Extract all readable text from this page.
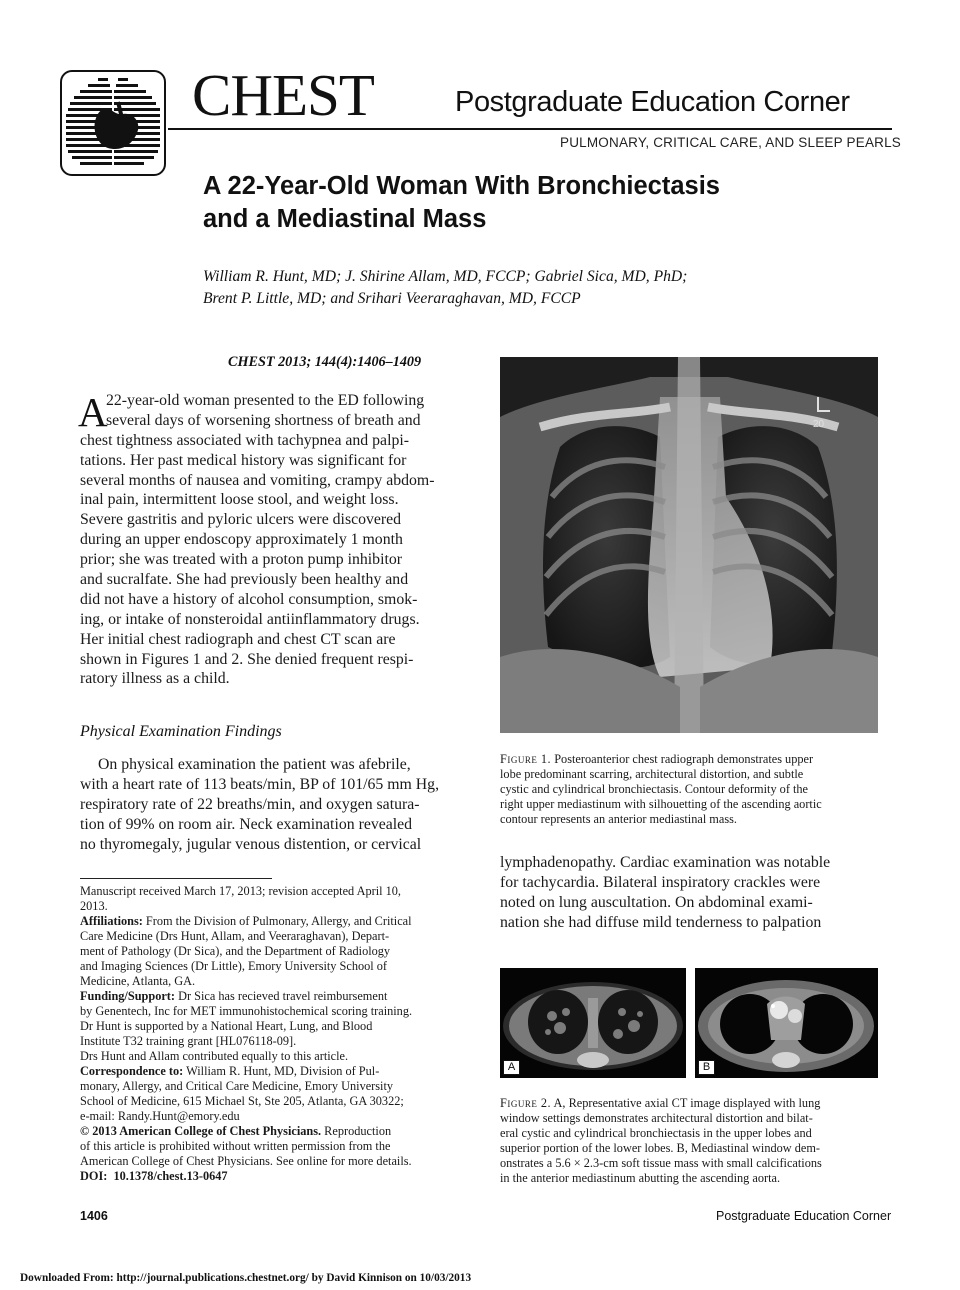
CHEST	Postgraduate Education Corner
PULMONARY, CRITICAL CARE, AND SLEEP PEARLS
A 22-Year-Old Woman With Bronchiectasis
and a Mediastinal Mass
William R. Hunt, MD; J. Shirine Allam, MD, FCCP; Gabriel Sica, MD, PhD;
Brent P. Little, MD; and Srihari Veeraraghavan, MD, FCCP
CHEST 2013; 144(4):1406–1409
A
22-year-old woman presented to the ED following
several days of worsening shortness of breath and
chest tightness associated with tachypnea and palpi-
tations. Her past medical history was significant for
several months of nausea and vomiting, crampy abdom-
inal pain, intermittent loose stool, and weight loss.
Severe gastritis and pyloric ulcers were discovered
during an upper endoscopy approximately 1 month
prior; she was treated with a proton pump inhibitor
and sucralfate. She had previously been healthy and
did not have a history of alcohol consumption, smok-
ing, or intake of nonsteroidal antiinflammatory drugs.
Her initial chest radiograph and chest CT scan are
shown in Figures 1 and 2. She denied frequent respi-
ratory illness as a child.
Physical Examination Findings
On physical examination the patient was afebrile,
with a heart rate of 113 beats/min, BP of 101/65 mm Hg,
respiratory rate of 22 breaths/min, and oxygen satura-
tion of 99% on room air. Neck examination revealed
no thyromegaly, jugular venous distention, or cervical
Manuscript received March 17, 2013; revision accepted April 10,
2013.
Affiliations: From the Division of Pulmonary, Allergy, and Critical
Care Medicine (Drs Hunt, Allam, and Veeraraghavan), Depart-
ment of Pathology (Dr Sica), and the Department of Radiology
and Imaging Sciences (Dr Little), Emory University School of
Medicine, Atlanta, GA.
Funding/Support: Dr Sica has recieved travel reimbursement
by Genentech, Inc for MET immunohistochemical scoring training.
Dr Hunt is supported by a National Heart, Lung, and Blood
Institute T32 training grant [HL076118-09].
Drs Hunt and Allam contributed equally to this article.
Correspondence to: William R. Hunt, MD, Division of Pul-
monary, Allergy, and Critical Care Medicine, Emory University
School of Medicine, 615 Michael St, Ste 205, Atlanta, GA 30322;
e-mail: Randy.Hunt@emory.edu
© 2013 American College of Chest Physicians. Reproduction
of this article is prohibited without written permission from the
American College of Chest Physicians. See online for more details.
DOI: 10.1378/chest.13-0647
20
Figure 1. Posteroanterior chest radiograph demonstrates upper
lobe predominant scarring, architectural distortion, and subtle
cystic and cylindrical bronchiectasis. Contour deformity of the
right upper mediastinum with silhouetting of the ascending aortic
contour represents an anterior mediastinal mass.
lymphadenopathy. Cardiac examination was notable
for tachycardia. Bilateral inspiratory crackles were
noted on lung auscultation. On abdominal exami-
nation she had diffuse mild tenderness to palpation
A	B
Figure 2. A, Representative axial CT image displayed with lung
window settings demonstrates architectural distortion and bilat-
eral cystic and cylindrical bronchiectasis in the upper lobes and
superior portion of the lower lobes. B, Mediastinal window dem-
onstrates a 5.6 × 2.3-cm soft tissue mass with small calcifications
in the anterior mediastinum abutting the ascending aorta.
1406	Postgraduate Education Corner
Downloaded From: http://journal.publications.chestnet.org/ by David Kinnison on 10/03/2013
